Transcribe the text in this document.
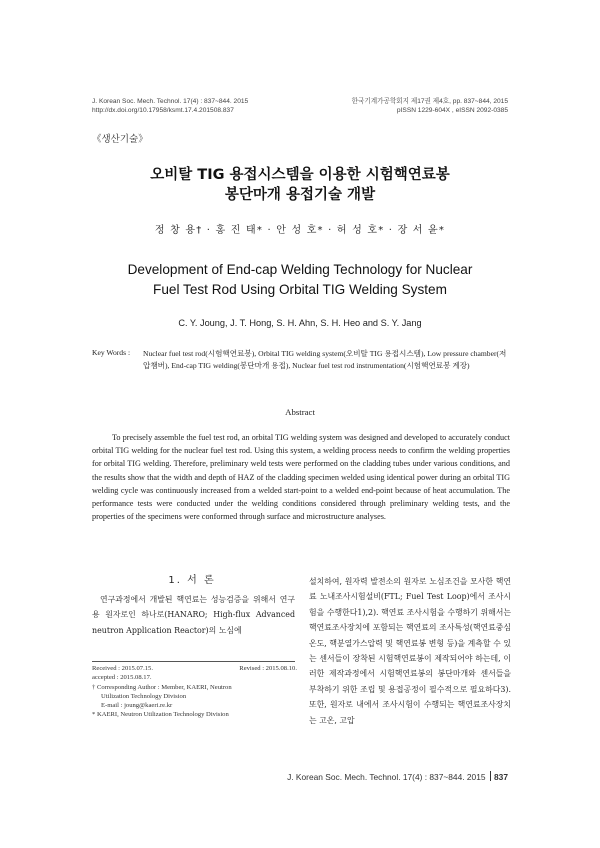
J. Korean Soc. Mech. Technol. 17(4) : 837~844. 2015
http://dx.doi.org/10.17958/ksmt.17.4.201508.837
한국기계가공학회지 제17권 제4호, pp. 837~844, 2015
pISSN 1229-604X , eISSN 2092-0385
《생산기술》
오비탈 TIG 용접시스템을 이용한 시험핵연료봉
봉단마개 용접기술 개발
정 창 용† · 홍 진 태* · 안 성 호* · 허 성 호* · 장 서 윤*
Development of End-cap Welding Technology for Nuclear
Fuel Test Rod Using Orbital TIG Welding System
C. Y. Joung, J. T. Hong, S. H. Ahn, S. H. Heo and S. Y. Jang
Key Words : Nuclear fuel test rod(시험핵연료봉), Orbital TIG welding system(오비탈 TIG 용접시스템), Low pressure chamber(저압챔버), End-cap TIG welding(봉단마개 용접), Nuclear fuel test rod instrumentation(시험핵연료봉 계장)
Abstract
To precisely assemble the fuel test rod, an orbital TIG welding system was designed and developed to accurately conduct orbital TIG welding for the nuclear fuel test rod. Using this system, a welding process needs to confirm the welding properties for orbital TIG welding. Therefore, preliminary weld tests were performed on the cladding tubes under various conditions, and the results show that the width and depth of HAZ of the cladding specimen welded using identical power during an orbital TIG welding cycle was continuously increased from a welded start-point to a welded end-point because of heat accumulation. The performance tests were conducted under the welding conditions considered through preliminary welding tests, and the properties of the specimens were conformed through surface and microstructure analyses.
1. 서 론
연구과정에서 개발된 핵연료는 성능검증을 위해서 연구용 원자로인 하나로(HANARO; High-flux Advanced neutron Application Reactor)의 노심에
설치하여, 원자력 발전소의 원자로 노심조건을 모사한 핵연료 노내조사시험설비(FTL; Fuel Test Loop)에서 조사시험을 수행한다1),2). 핵연료 조사시험을 수행하기 위해서는 핵연료조사장치에 포함되는 핵연료의 조사특성(핵연료중심온도, 핵분열가스압력 및 핵연료봉 변형 등)을 계측할 수 있는 센서들이 장착된 시험핵연료봉이 제작되어야 하는데, 이러한 제작과정에서 시험핵연료봉의 봉단마개와 센서들을 부착하기 위한 조립 및 용접공정이 필수적으로 필요하다3). 또한, 원자로 내에서 조사시험이 수행되는 핵연료조사장치는 고온, 고압
Received : 2015.07.15.	Revised : 2015.08.10.
accepted : 2015.08.17.
† Corresponding Author : Member, KAERI, Neutron
Utilization Technology Division
E-mail : joung@kaeri.re.kr
* KAERI, Neutron Utilization Technology Division
J. Korean Soc. Mech. Technol. 17(4) : 837~844. 2015 837
